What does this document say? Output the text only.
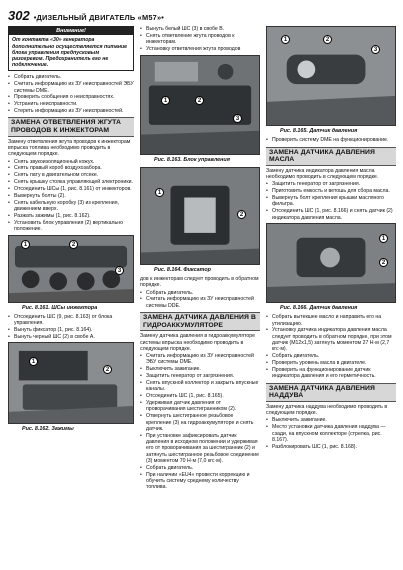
302 •ДИЗЕЛЬНЫЙ ДВИГАТЕЛЬ «M57»•
Внимание!
От контакта «30» генератора дополнительно осуществляется питание блока управления предпусковым разогревом. Предохранитель его не подключение.
• Собрать двигатель.
• Считать информацию из ЗУ неисправностей ЭБУ системы DME.
• Проверить сообщения о неисправностях.
• Устранить неисправности.
• Стереть информацию из ЗУ неисправностей.
ЗАМЕНА ОТВЕТВЛЕНИЯ ЖГУТА ПРОВОДОВ К ИНЖЕКТОРАМ

Замену ответвления жгута проводов к инжекторам впрыска топлива необходимо проводить в следующем порядке.

• Снять звукоизоляционный кожух.
• Снять правый короб воздухозабора.
• Снять пату в двигательном отсеке.
• Снять крышку стояка управляющей электроники.
• Отсоединить ШСы (1, рис. 8.161) от инжекторов.
• Вывернуть болты (2).
• Снять кабельную коробку (3) из крепления, движением вверх.
• Разжать зажимы (1, рис. 8.162).
• Установить блок управления (2) вертикально положение.
1	2
3
Рис. 8.161. ШСы инжектора
• Отсоединить ШС (9, рис. 8.163) от блока управления.
• Вынуть фиксатор (1, рис. 8.164).
• Вынуть черный ШС (2) в свобе А.
1
2
Рис. 8.162. Зажимы
• Вынуть белый ШС (3) в свобе В.
• Снять ответвление жгута проводов к инжекторам.
• Установку ответвления жгута проводов
1	2
3
Рис. 8.163. Блок управления
1
2
Рис. 8.164. Фиксатор

дов к инжекторам следует проводить в обратном порядке.

• Собрать двигатель.
• Считать информацию из ЗУ неисправностей системы DDE.
ЗАМЕНА ДАТЧИКА ДАВЛЕНИЯ В ГИДРОАККУМУЛЯТОРЕ

Замену датчика давления в гидроаккумуляторе системы впрыска необходимо проводить в следующем порядке.

• Считать информацию из ЗУ неисправностей ЭБУ системы DME.
• Выключить зажигание.
• Защитить генератор от загрязнения.
• Снять впускной коллектор и закрыть впускные каналы.
• Отсоединить ШС (1, рис. 8.165).
• Удерживая датчик давления от проворачивания шестигранником (2).
• Отвернуть шестигранное резьбовое крепление (3) на гидроаккумуляторе и снять датчик.
• При установке зафиксировать датчик давления в исходном положении и удерживая его от проворачивания за шестигранник (2) и затянуть шестигранное резьбовое соединение (3) моментом 70 Н·м (7,0 кгс·м).
• Собрать двигатель.
• При наличии «EU4» провести коррекцию и обучить систему среднему количеству топлива.
1	2
3
Рис. 8.165. Датчик давления
• Проверить систему DME на функционирование.
ЗАМЕНА ДАТЧИКА ДАВЛЕНИЯ МАСЛА

Замену датчика индикатора давления масла необходимо проводить в следующем порядке.

• Защитить генератор от загрязнения.
• Приготовить емкость и ветошь для сбора масла.
• Вывернуть болт крепления крышки масляного фильтра.
• Отсоединить ШС (1, рис. 8.166) и снять датчик (2) индикатора давления масла.
1
2
Рис. 8.166. Датчик давления
• Собрать вытекшее масло и направить его на утилизацию.
• Установку датчика индикатора давления масла следует проводить в обратном порядке, при этом датчик (M12x1,5) затянуть моментом 27 Н·м (2,7 кгс·м).
• Собрать двигатель.
• Проверить уровень масла в двигателе.
• Проверить на функционирование датчик индикатора давления и его герметичность.
ЗАМЕНА ДАТЧИКА ДАВЛЕНИЯ НАДДУВА

Замену датчика наддува необходимо проводить в следующем порядке.

• Выключить зажигание.
• Место установки датчика давления наддува — сзади, на впускном коллекторе (стрелка, рис. 8.167).
• Разблокировать ШС (1, рис. 8.168).
